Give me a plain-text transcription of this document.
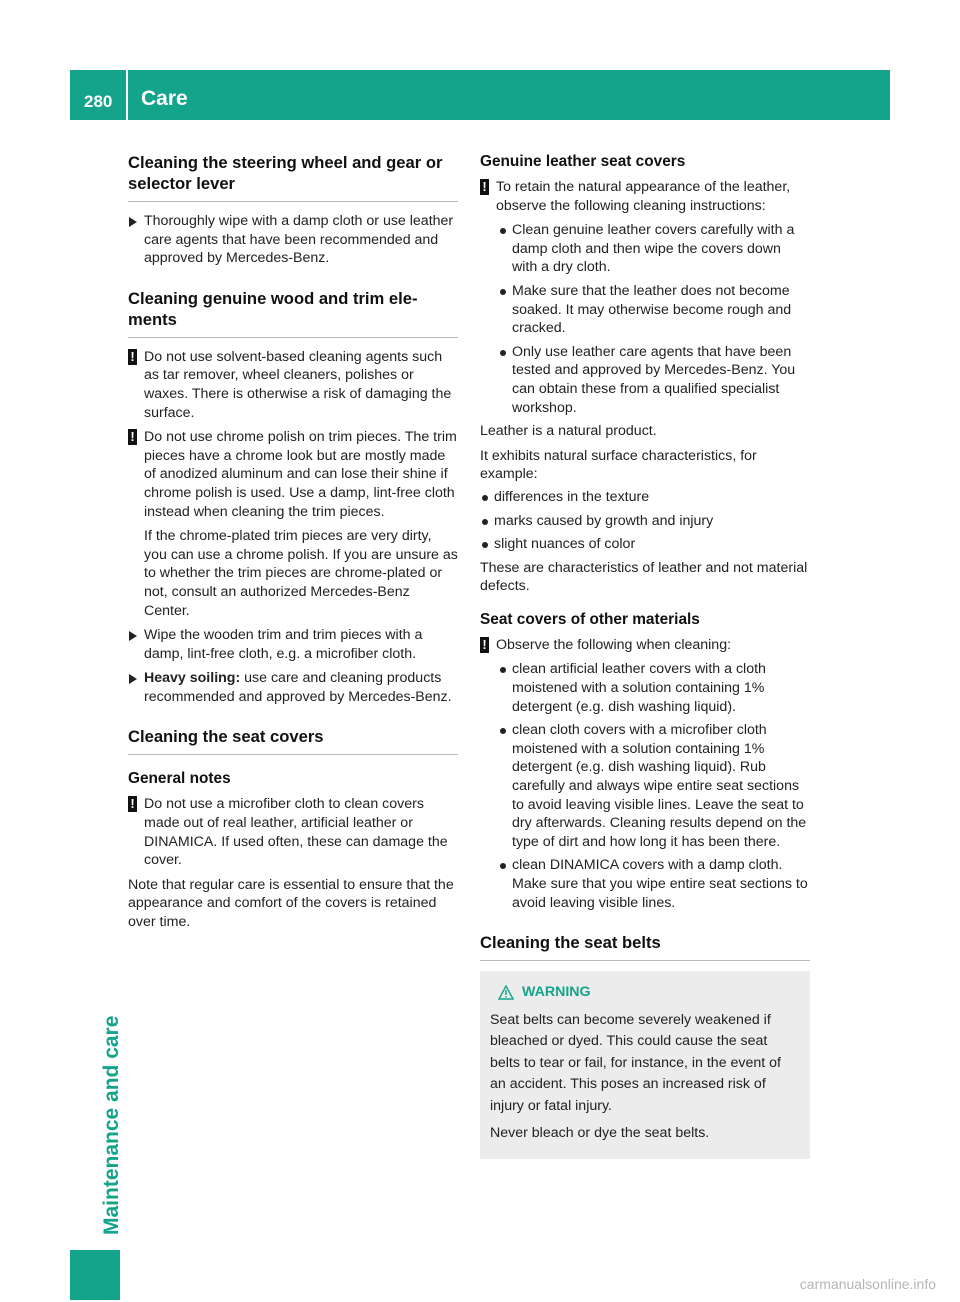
280 Care
Maintenance and care
Cleaning the steering wheel and gear or selector lever
Thoroughly wipe with a damp cloth or use leather care agents that have been recommended and approved by Mercedes-Benz.
Cleaning genuine wood and trim elements
! Do not use solvent-based cleaning agents such as tar remover, wheel cleaners, polishes or waxes. There is otherwise a risk of damaging the surface.
! Do not use chrome polish on trim pieces. The trim pieces have a chrome look but are mostly made of anodized aluminum and can lose their shine if chrome polish is used. Use a damp, lint-free cloth instead when cleaning the trim pieces.

If the chrome-plated trim pieces are very dirty, you can use a chrome polish. If you are unsure as to whether the trim pieces are chrome-plated or not, consult an authorized Mercedes-Benz Center.

Wipe the wooden trim and trim pieces with a damp, lint-free cloth, e.g. a microfiber cloth.
Heavy soiling: use care and cleaning products recommended and approved by Mercedes-Benz.
Cleaning the seat covers
General notes
! Do not use a microfiber cloth to clean covers made out of real leather, artificial leather or DINAMICA. If used often, these can damage the cover.

Note that regular care is essential to ensure that the appearance and comfort of the covers is retained over time.

Genuine leather seat covers
! To retain the natural appearance of the leather, observe the following cleaning instructions:
Clean genuine leather covers carefully with a damp cloth and then wipe the covers down with a dry cloth.
Make sure that the leather does not become soaked. It may otherwise become rough and cracked.
Only use leather care agents that have been tested and approved by Mercedes-Benz. You can obtain these from a qualified specialist workshop.

Leather is a natural product.

It exhibits natural surface characteristics, for example:

differences in the texture
marks caused by growth and injury
slight nuances of color

These are characteristics of leather and not material defects.

Seat covers of other materials
! Observe the following when cleaning:
clean artificial leather covers with a cloth moistened with a solution containing 1% detergent (e.g. dish washing liquid).
clean cloth covers with a microfiber cloth moistened with a solution containing 1% detergent (e.g. dish washing liquid). Rub carefully and always wipe entire seat sections to avoid leaving visible lines. Leave the seat to dry afterwards. Cleaning results depend on the type of dirt and how long it has been there.
clean DINAMICA covers with a damp cloth. Make sure that you wipe entire seat sections to avoid leaving visible lines.
Cleaning the seat belts
WARNING

Seat belts can become severely weakened if bleached or dyed. This could cause the seat belts to tear or fail, for instance, in the event of an accident. This poses an increased risk of injury or fatal injury.

Never bleach or dye the seat belts.

carmanualsonline.info
